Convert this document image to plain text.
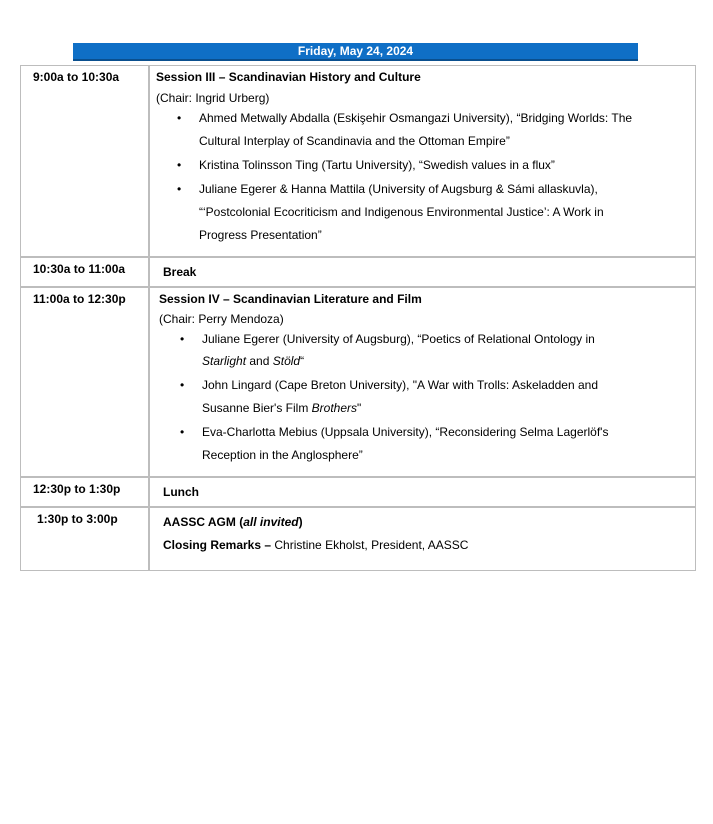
Friday, May 24, 2024
9:00a to 10:30a	Session III – Scandinavian History and Culture
(Chair: Ingrid Urberg)
• Ahmed Metwally Abdalla (Eskişehir Osmangazi University), “Bridging Worlds: The
Cultural Interplay of Scandinavia and the Ottoman Empire”
• Kristina Tolinsson Ting (Tartu University), “Swedish values in a flux”
• Juliane Egerer & Hanna Mattila (University of Augsburg & Sámi allaskuvla),
“‘Postcolonial Ecocriticism and Indigenous Environmental Justice’: A Work in
Progress Presentation”
10:30a to 11:00a	Break
11:00a to 12:30p	Session IV – Scandinavian Literature and Film
(Chair: Perry Mendoza)
• Juliane Egerer (University of Augsburg), “Poetics of Relational Ontology in
Starlight and Stöld“
• John Lingard (Cape Breton University), "A War with Trolls: Askeladden and
Susanne Bier's Film Brothers"
• Eva-Charlotta Mebius (Uppsala University), “Reconsidering Selma Lagerlöf's
Reception in the Anglosphere”
12:30p to 1:30p	Lunch
1:30p to 3:00p	AASSC AGM (all invited)
Closing Remarks – Christine Ekholst, President, AASSC
